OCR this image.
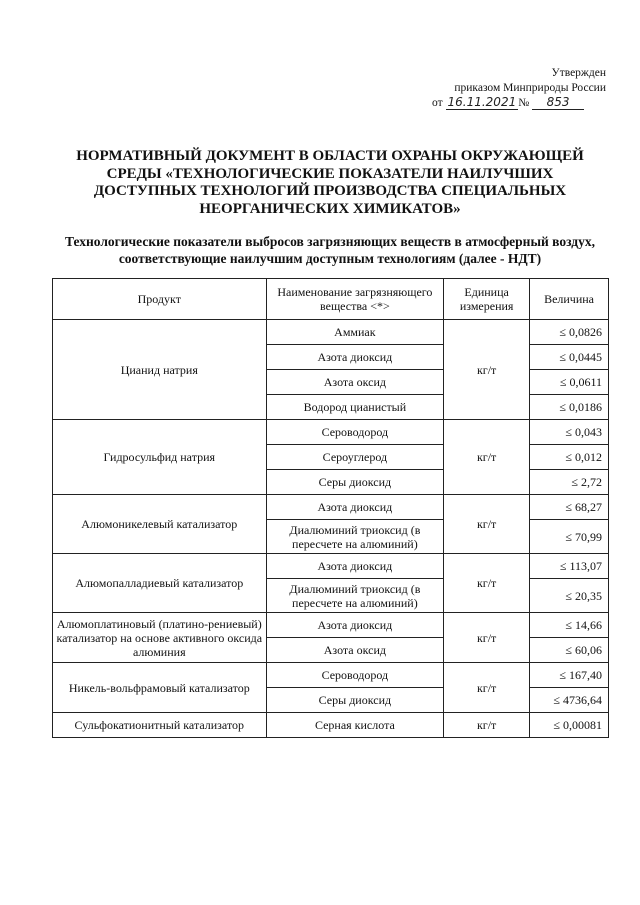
Утвержден
приказом Минприроды России
от 16.11.2021 № 853
НОРМАТИВНЫЙ ДОКУМЕНТ В ОБЛАСТИ ОХРАНЫ ОКРУЖАЮЩЕЙ СРЕДЫ «ТЕХНОЛОГИЧЕСКИЕ ПОКАЗАТЕЛИ НАИЛУЧШИХ ДОСТУПНЫХ ТЕХНОЛОГИЙ ПРОИЗВОДСТВА СПЕЦИАЛЬНЫХ НЕОРГАНИЧЕСКИХ ХИМИКАТОВ»
Технологические показатели выбросов загрязняющих веществ в атмосферный воздух, соответствующие наилучшим доступным технологиям (далее - НДТ)
Продукт	Наименование загрязняющего вещества <*>	Единица измерения	Величина
Цианид натрия	Аммиак	кг/т	≤ 0,0826
	Азота диоксид		≤ 0,0445
	Азота оксид		≤ 0,0611
	Водород цианистый		≤ 0,0186
Гидросульфид натрия	Сероводород	кг/т	≤ 0,043
	Сероуглерод		≤ 0,012
	Серы диоксид		≤ 2,72
Алюмоникелевый катализатор	Азота диоксид	кг/т	≤ 68,27
	Диалюминий триоксид (в пересчете на алюминий)		≤ 70,99
Алюмопалладиевый катализатор	Азота диоксид	кг/т	≤ 113,07
	Диалюминий триоксид (в пересчете на алюминий)		≤ 20,35
Алюмоплатиновый (платино-рениевый) катализатор на основе активного оксида алюминия	Азота диоксид	кг/т	≤ 14,66
	Азота оксид		≤ 60,06
Никель-вольфрамовый катализатор	Сероводород	кг/т	≤ 167,40
	Серы диоксид		≤ 4736,64
Сульфокатионитный катализатор	Серная кислота	кг/т	≤ 0,00081
